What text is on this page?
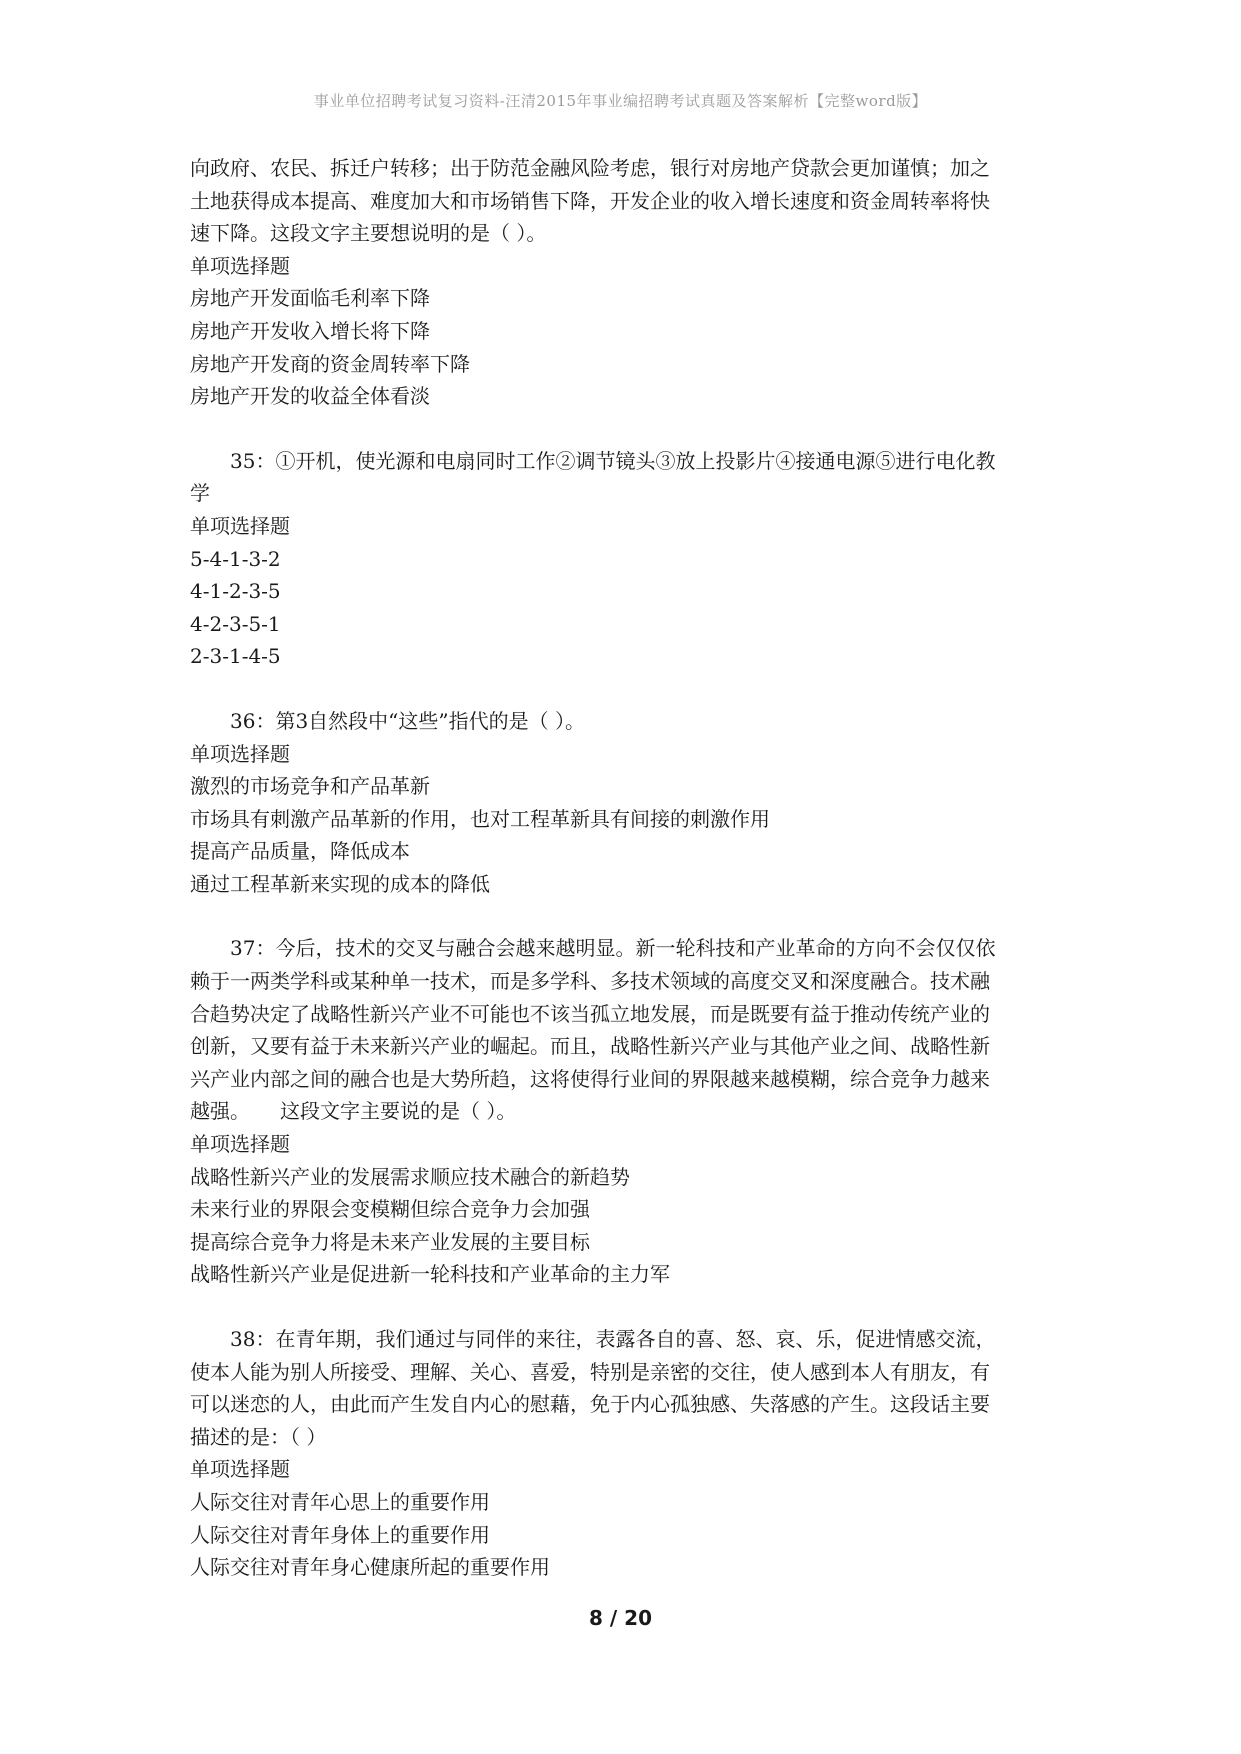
事业单位招聘考试复习资料-汪清2015年事业编招聘考试真题及答案解析【完整word版】
向政府、农民、拆迁户转移；出于防范金融风险考虑，银行对房地产贷款会更加谨慎；加之
土地获得成本提高、难度加大和市场销售下降，开发企业的收入增长速度和资金周转率将快
速下降。这段文字主要想说明的是（ ）。
单项选择题
房地产开发面临毛利率下降
房地产开发收入增长将下降
房地产开发商的资金周转率下降
房地产开发的收益全体看淡
35：①开机，使光源和电扇同时工作②调节镜头③放上投影片④接通电源⑤进行电化教
学
单项选择题
5-4-1-3-2
4-1-2-3-5
4-2-3-5-1
2-3-1-4-5
36：第3自然段中“这些”指代的是（ ）。
单项选择题
激烈的市场竞争和产品革新
市场具有刺激产品革新的作用，也对工程革新具有间接的刺激作用
提高产品质量，降低成本
通过工程革新来实现的成本的降低
37：今后，技术的交叉与融合会越来越明显。新一轮科技和产业革命的方向不会仅仅依
赖于一两类学科或某种单一技术，而是多学科、多技术领域的高度交叉和深度融合。技术融
合趋势决定了战略性新兴产业不可能也不该当孤立地发展，而是既要有益于推动传统产业的
创新，又要有益于未来新兴产业的崛起。而且，战略性新兴产业与其他产业之间、战略性新
兴产业内部之间的融合也是大势所趋，这将使得行业间的界限越来越模糊，综合竞争力越来
越强。　　这段文字主要说的是（ ）。
单项选择题
战略性新兴产业的发展需求顺应技术融合的新趋势
未来行业的界限会变模糊但综合竞争力会加强
提高综合竞争力将是未来产业发展的主要目标
战略性新兴产业是促进新一轮科技和产业革命的主力军
38：在青年期，我们通过与同伴的来往，表露各自的喜、怒、哀、乐，促进情感交流，
使本人能为别人所接受、理解、关心、喜爱，特别是亲密的交往，使人感到本人有朋友，有
可以迷恋的人，由此而产生发自内心的慰藉，免于内心孤独感、失落感的产生。这段话主要
描述的是：（ ）
单项选择题
人际交往对青年心思上的重要作用
人际交往对青年身体上的重要作用
人际交往对青年身心健康所起的重要作用
8 / 20
